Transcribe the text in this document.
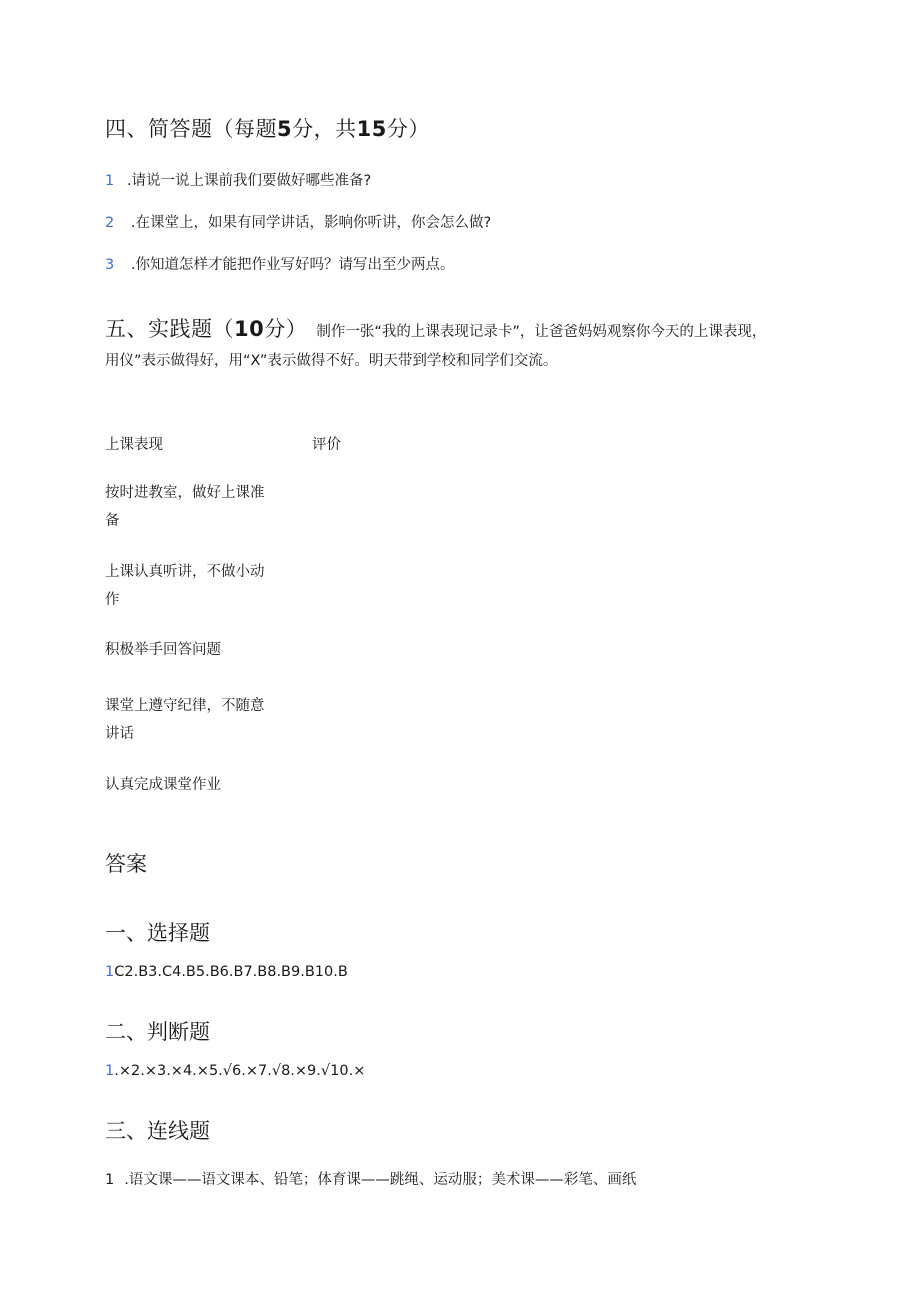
四、简答题（每题5分，共15分）
1 .请说一说上课前我们要做好哪些准备?
2 .在课堂上，如果有同学讲话，影响你听讲，你会怎么做?
3 .你知道怎样才能把作业写好吗？请写出至少两点。
五、实践题（10分） 制作一张“我的上课表现记录卡”，让爸爸妈妈观察你今天的上课表现，
用仪”表示做得好，用“X”表示做得不好。明天带到学校和同学们交流。
上课表现	评价
按时进教室，做好上课准
备
上课认真听讲，不做小动
作
积极举手回答问题
课堂上遵守纪律，不随意
讲话
认真完成课堂作业
答案
一、选择题
1C2.B3.C4.B5.B6.B7.B8.B9.B10.B
二、判断题
1.×2.×3.×4.×5.√6.×7.√8.×9.√10.×
三、连线题
1 .语文课——语文课本、铅笔；体育课——跳绳、运动服；美术课——彩笔、画纸
